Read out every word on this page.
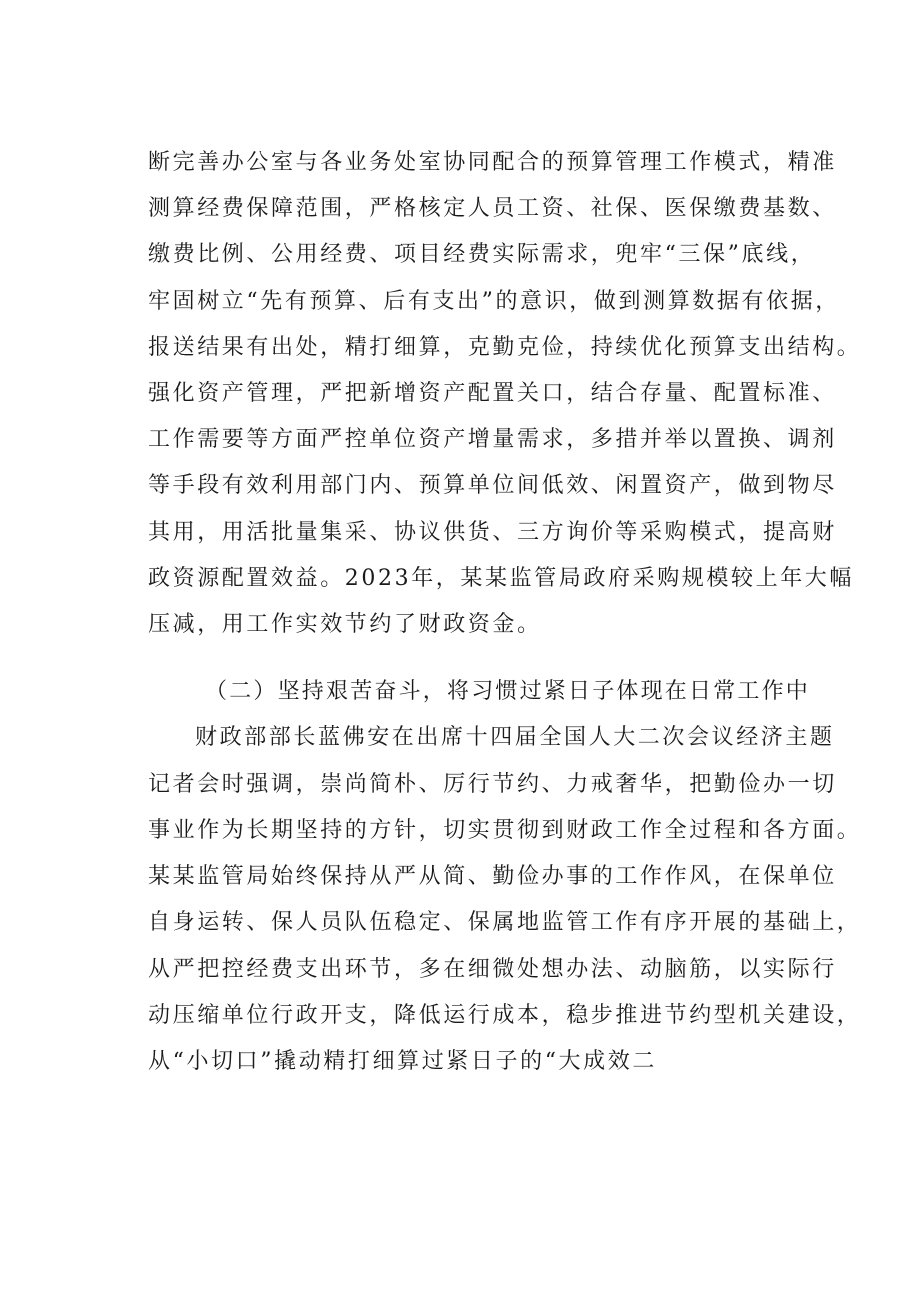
断完善办公室与各业务处室协同配合的预算管理工作模式，精准
测算经费保障范围，严格核定人员工资、社保、医保缴费基数、
缴费比例、公用经费、项目经费实际需求，兜牢“三保”底线，
牢固树立“先有预算、后有支出”的意识，做到测算数据有依据，
报送结果有出处，精打细算，克勤克俭，持续优化预算支出结构。
强化资产管理，严把新增资产配置关口，结合存量、配置标准、
工作需要等方面严控单位资产增量需求，多措并举以置换、调剂
等手段有效利用部门内、预算单位间低效、闲置资产，做到物尽
其用，用活批量集采、协议供货、三方询价等采购模式，提高财
政资源配置效益。2023年，某某监管局政府采购规模较上年大幅
压减，用工作实效节约了财政资金。
（二）坚持艰苦奋斗，将习惯过紧日子体现在日常工作中
财政部部长蓝佛安在出席十四届全国人大二次会议经济主题
记者会时强调，崇尚简朴、厉行节约、力戒奢华，把勤俭办一切
事业作为长期坚持的方针，切实贯彻到财政工作全过程和各方面。
某某监管局始终保持从严从简、勤俭办事的工作作风，在保单位
自身运转、保人员队伍稳定、保属地监管工作有序开展的基础上，
从严把控经费支出环节，多在细微处想办法、动脑筋，以实际行
动压缩单位行政开支，降低运行成本，稳步推进节约型机关建设，
从“小切口”撬动精打细算过紧日子的“大成效二
